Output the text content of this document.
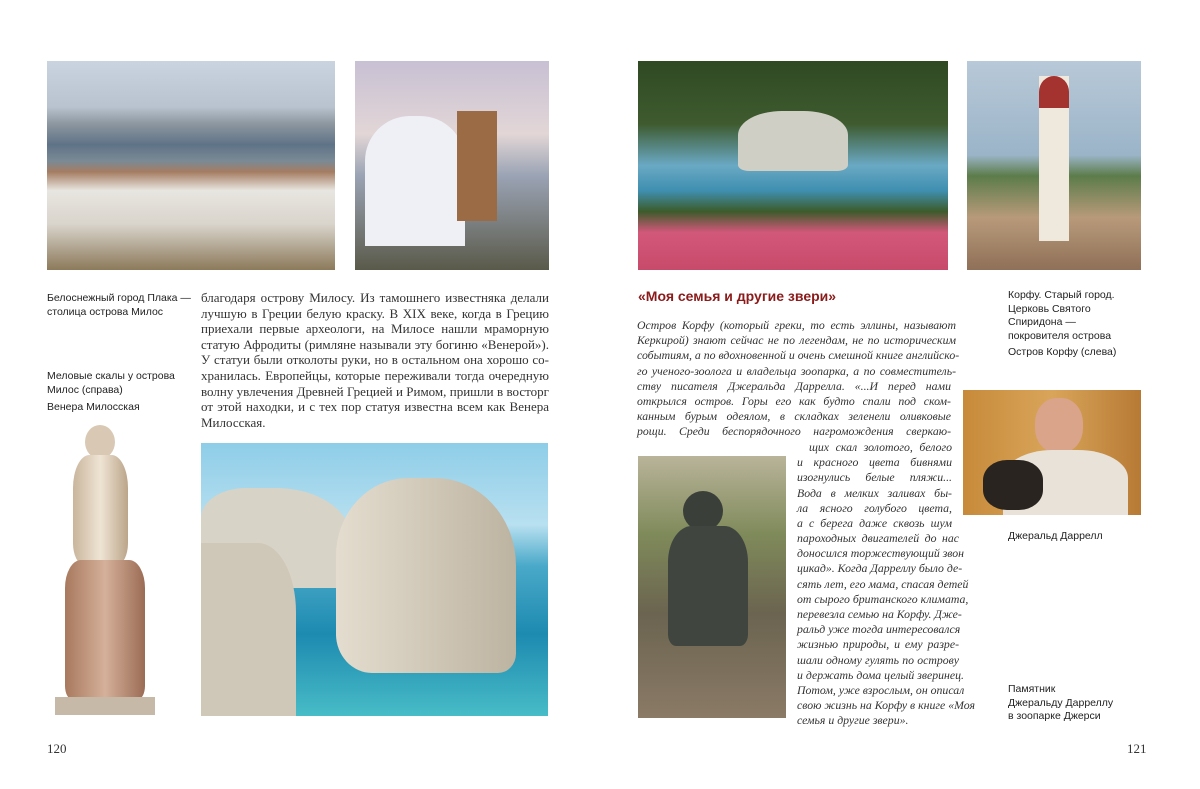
Белоснежный город Плака —
столица острова Милос
Меловые скалы у острова
Милос (справа)
Венера Милосская
благодаря острову Милосу. Из тамошнего известняка делали
лучшую в Греции белую краску. В XIX веке, когда в Грецию
приехали первые археологи, на Милосе нашли мраморную
статую Афродиты (римляне называли эту богиню «Венерой»).
У статуи были отколоты руки, но в остальном она хорошо со-
хранилась. Европейцы, которые переживали тогда очередную
волну увлечения Древней Грецией и Римом, пришли в восторг
от этой находки, и с тех пор статуя известна всем как Венера
Милосская.
120
«Моя семья и другие звери»
Остров Корфу (который греки, то есть эллины, называют
Керкирой) знают сейчас не по легендам, не по историческим
событиям, а по вдохновенной и очень смешной книге английско-
го ученого-зоолога и владельца зоопарка, а по совместитель-
ству писателя Джеральда Даррелла. «...И перед нами
открылся остров. Горы его как будто спали под ском-
канным бурым одеялом, в складках зеленели оливковые
рощи. Среди беспорядочного нагромождения сверкаю-
щих скал золотого, белого
и красного цвета бивнями
изогнулись белые пляжи...
Вода в мелких заливах бы-
ла ясного голубого цвета,
а с берега даже сквозь шум
пароходных двигателей до нас
доносился торжествующий звон
цикад». Когда Дарреллу было де-
сять лет, его мама, спасая детей
от сырого британского климата,
перевезла семью на Корфу. Дже-
ральд уже тогда интересовался
жизнью природы, и ему разре-
шали одному гулять по острову
и держать дома целый зверинец.
Потом, уже взрослым, он описал
свою жизнь на Корфу в книге «Моя
семья и другие звери».
Корфу. Старый город.
Церковь Святого
Спиридона —
покровителя острова
Остров Корфу (слева)
Джеральд Даррелл
Памятник
Джеральду Дарреллу
в зоопарке Джерси
121
